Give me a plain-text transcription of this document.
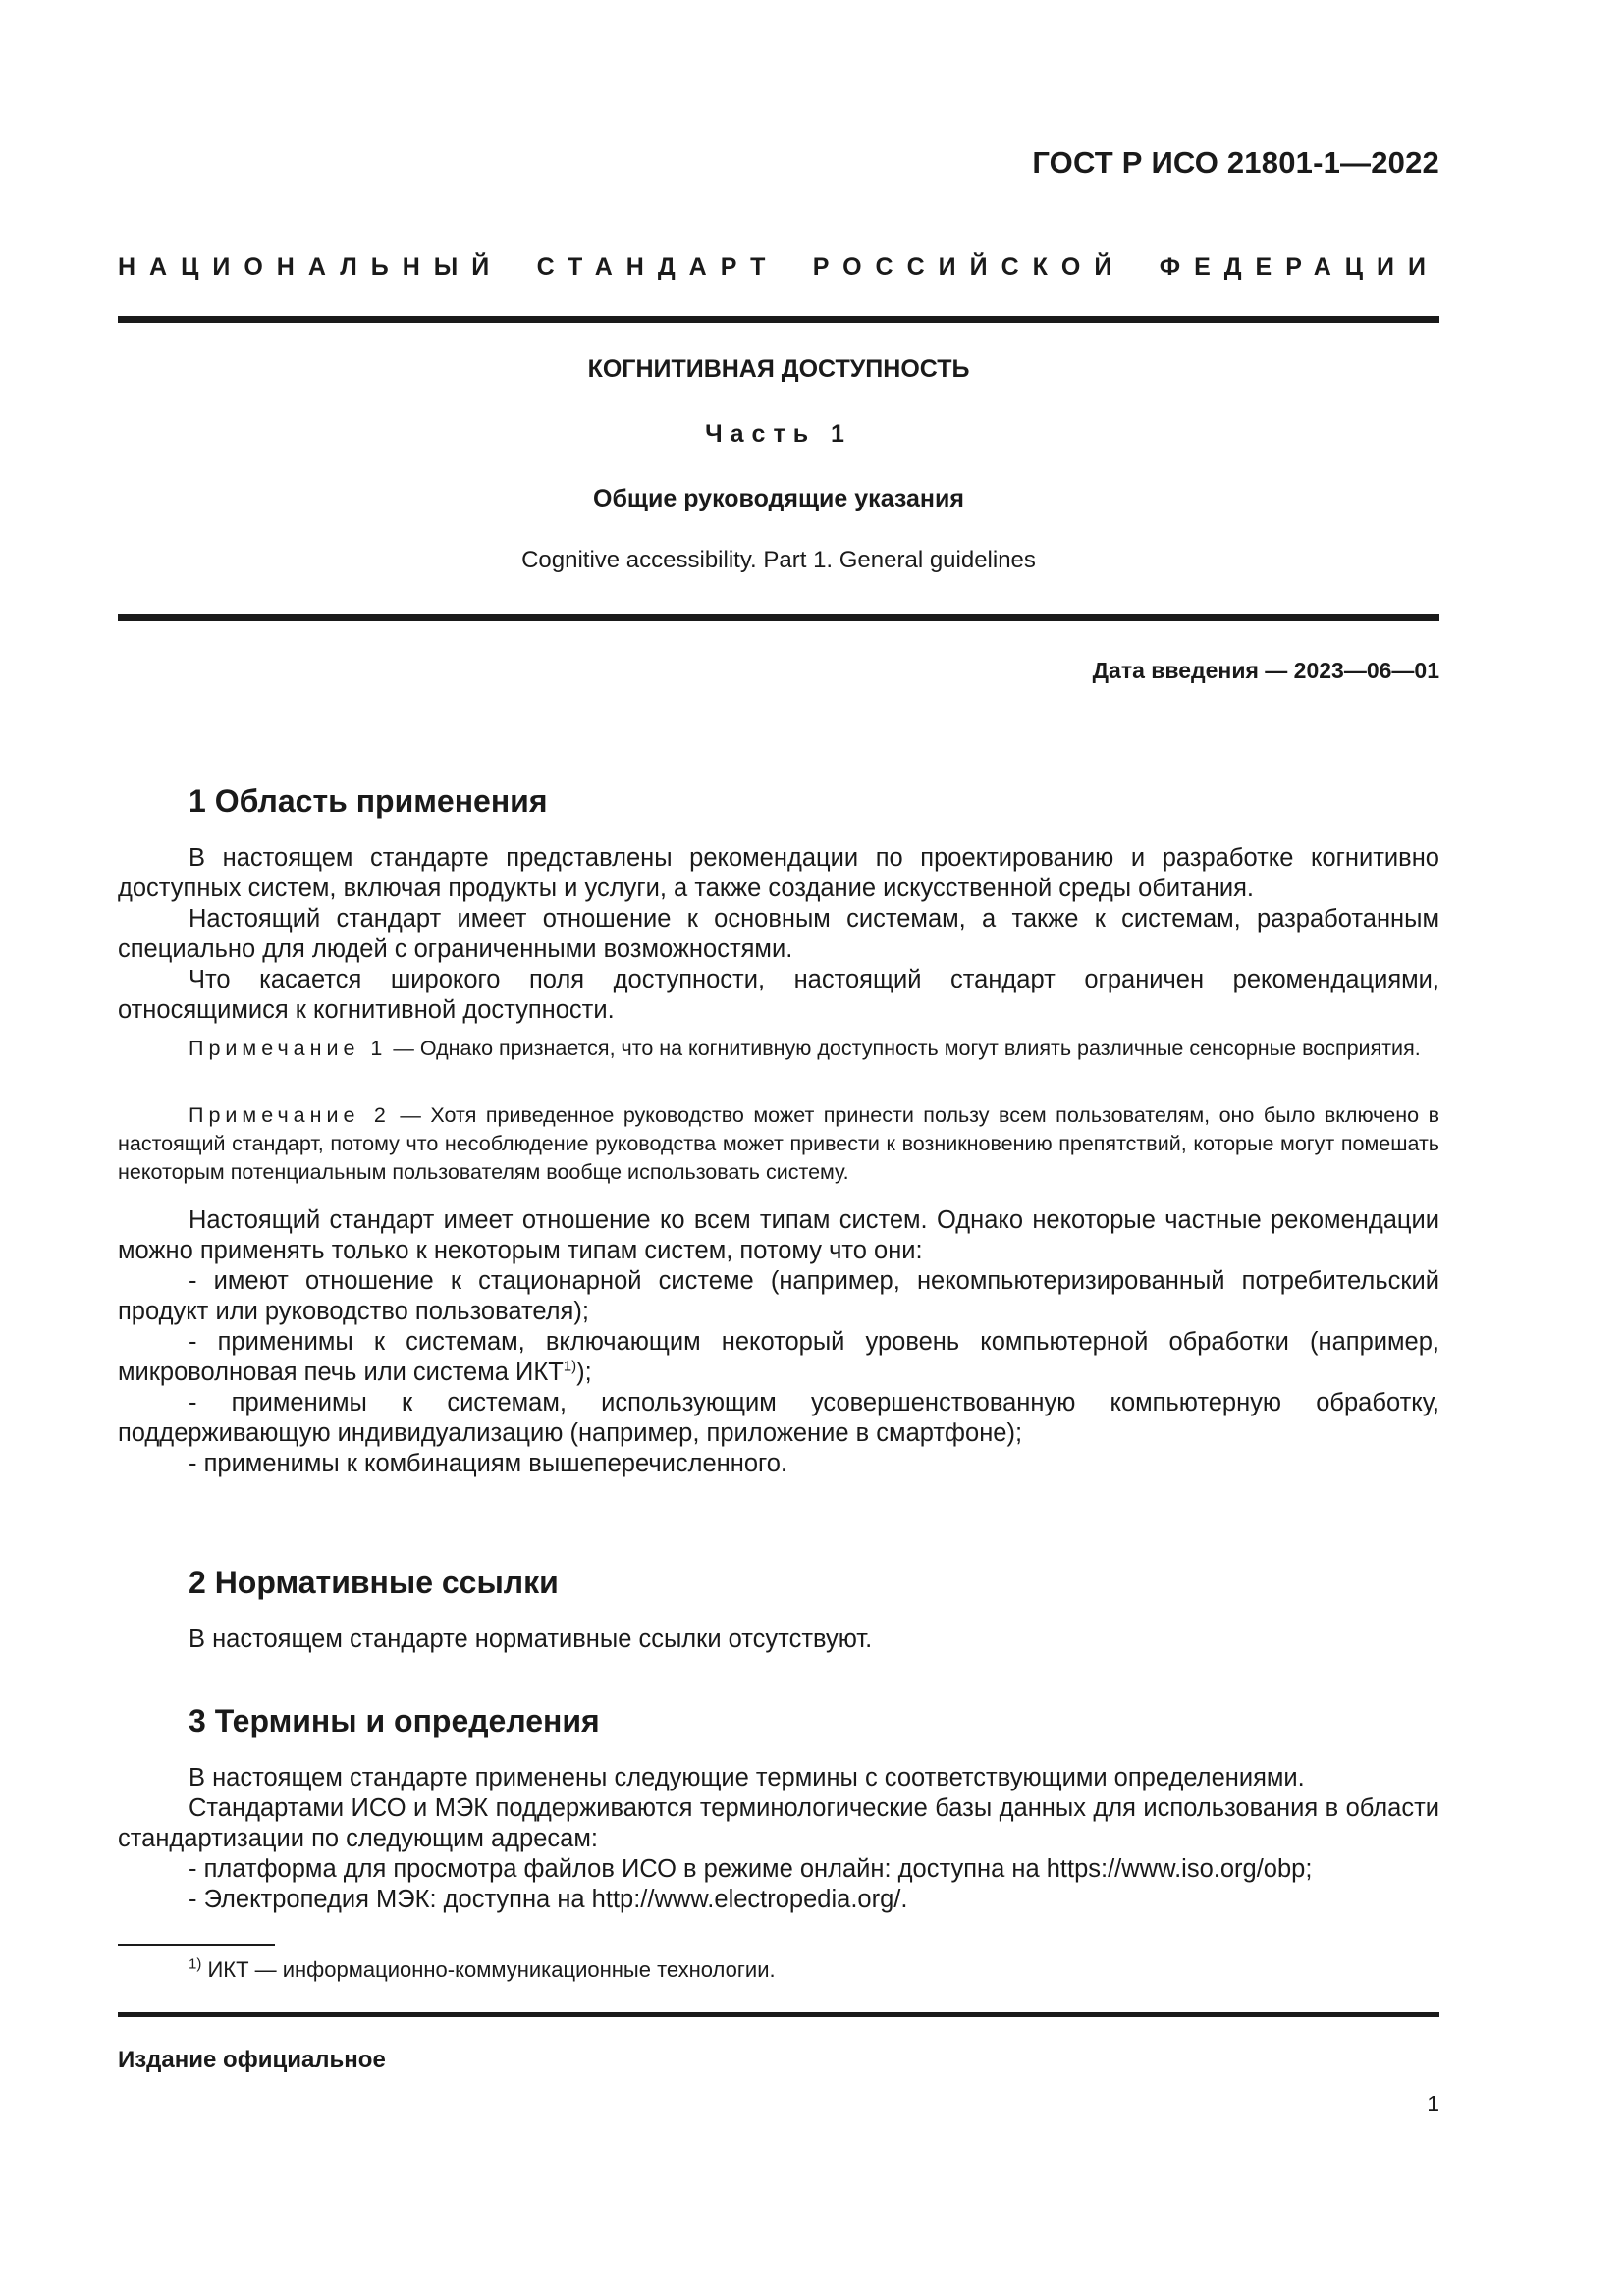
ГОСТ Р ИСО 21801-1—2022
НАЦИОНАЛЬНЫЙ СТАНДАРТ РОССИЙСКОЙ ФЕДЕРАЦИИ
КОГНИТИВНАЯ ДОСТУПНОСТЬ
Часть 1
Общие руководящие указания
Cognitive accessibility. Part 1. General guidelines
Дата введения — 2023—06—01
1 Область применения

В настоящем стандарте представлены рекомендации по проектированию и разработке когнитивно доступных систем, включая продукты и услуги, а также создание искусственной среды обитания.

Настоящий стандарт имеет отношение к основным системам, а также к системам, разработанным специально для людей с ограниченными возможностями.

Что касается широкого поля доступности, настоящий стандарт ограничен рекомендациями, относящимися к когнитивной доступности.

Примечание 1 — Однако признается, что на когнитивную доступность могут влиять различные сенсорные восприятия.

Примечание 2 — Хотя приведенное руководство может принести пользу всем пользователям, оно было включено в настоящий стандарт, потому что несоблюдение руководства может привести к возникновению препятствий, которые могут помешать некоторым потенциальным пользователям вообще использовать систему.

Настоящий стандарт имеет отношение ко всем типам систем. Однако некоторые частные рекомендации можно применять только к некоторым типам систем, потому что они:

- имеют отношение к стационарной системе (например, некомпьютеризированный потребительский продукт или руководство пользователя);

- применимы к системам, включающим некоторый уровень компьютерной обработки (например, микроволновая печь или система ИКТ$^{1)}$);

- применимы к системам, использующим усовершенствованную компьютерную обработку, поддерживающую индивидуализацию (например, приложение в смартфоне);

- применимы к комбинациям вышеперечисленного.

2 Нормативные ссылки

В настоящем стандарте нормативные ссылки отсутствуют.

3 Термины и определения

В настоящем стандарте применены следующие термины с соответствующими определениями.

Стандартами ИСО и МЭК поддерживаются терминологические базы данных для использования в области стандартизации по следующим адресам:

- платформа для просмотра файлов ИСО в режиме онлайн: доступна на https://www.iso.org/obp;

- Электропедия МЭК: доступна на http://www.electropedia.org/.

$^{1)}$ ИКТ — информационно-коммуникационные технологии.
Издание официальное
1
